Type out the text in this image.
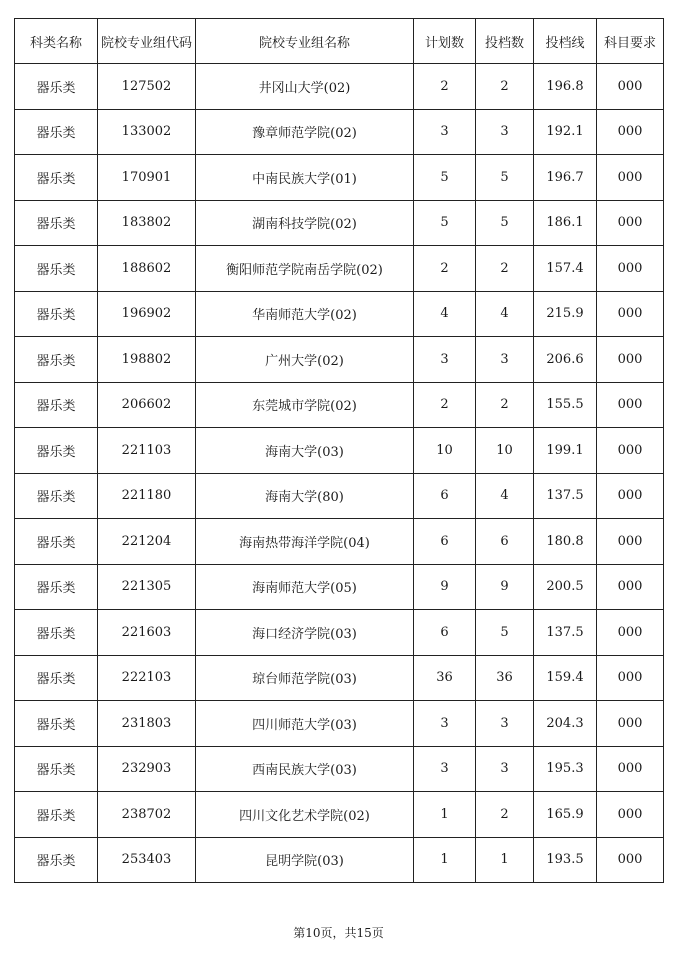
科类名称	院校专业组代码	院校专业组名称	计划数	投档数	投档线	科目要求
器乐类	127502	井冈山大学(02)	2	2	196.8	000
器乐类	133002	豫章师范学院(02)	3	3	192.1	000
器乐类	170901	中南民族大学(01)	5	5	196.7	000
器乐类	183802	湖南科技学院(02)	5	5	186.1	000
器乐类	188602	衡阳师范学院南岳学院(02)	2	2	157.4	000
器乐类	196902	华南师范大学(02)	4	4	215.9	000
器乐类	198802	广州大学(02)	3	3	206.6	000
器乐类	206602	东莞城市学院(02)	2	2	155.5	000
器乐类	221103	海南大学(03)	10	10	199.1	000
器乐类	221180	海南大学(80)	6	4	137.5	000
器乐类	221204	海南热带海洋学院(04)	6	6	180.8	000
器乐类	221305	海南师范大学(05)	9	9	200.5	000
器乐类	221603	海口经济学院(03)	6	5	137.5	000
器乐类	222103	琼台师范学院(03)	36	36	159.4	000
器乐类	231803	四川师范大学(03)	3	3	204.3	000
器乐类	232903	西南民族大学(03)	3	3	195.3	000
器乐类	238702	四川文化艺术学院(02)	1	2	165.9	000
器乐类	253403	昆明学院(03)	1	1	193.5	000
第10页，共15页
